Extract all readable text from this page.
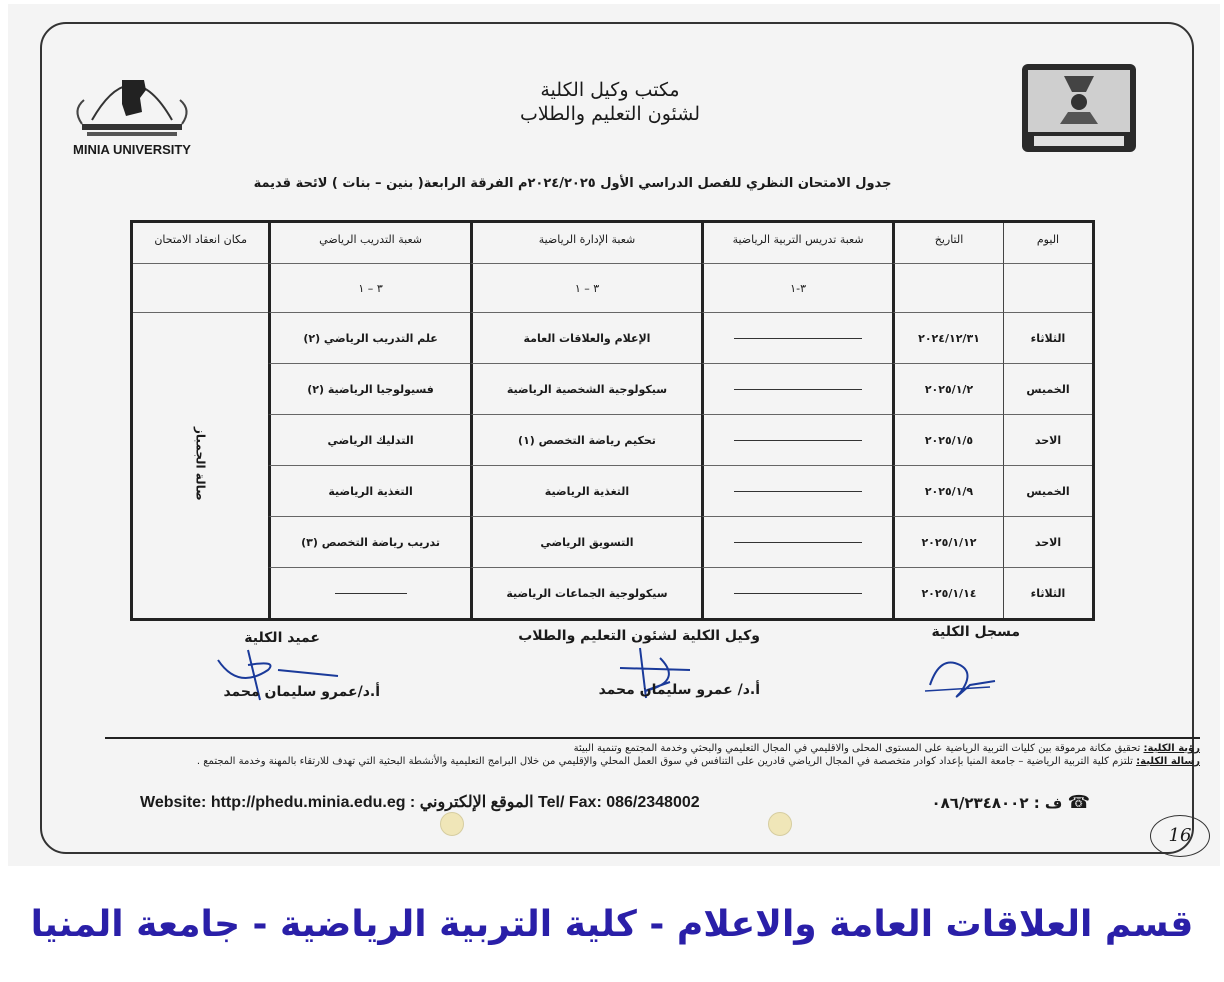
MINIA UNIVERSITY
مكتب وكيل الكلية
لشئون التعليم والطلاب
جدول الامتحان النظري للفصل الدراسي الأول ٢٠٢٤/٢٠٢٥م الفرقة الرابعة( بنين – بنات ) لائحة قديمة
اليوم	التاريخ	شعبة تدريس التربية الرياضية	شعبة الإدارة الرياضية	شعبة التدريب الرياضي	مكان انعقاد الامتحان
		٣-١	٣ – ١	٣ – ١	
الثلاثاء	٢٠٢٤/١٢/٣١		الإعلام والعلاقات العامة	علم التدريب الرياضي (٢)	صالة الجمباز
الخميس	٢٠٢٥/١/٢		سيكولوجية الشخصية الرياضية	فسيولوجيا الرياضية (٢)	
الاحد	٢٠٢٥/١/٥		تحكيم رياضة التخصص (١)	التدليك الرياضي	
الخميس	٢٠٢٥/١/٩		التغذية الرياضية	التغذية الرياضية	
الاحد	٢٠٢٥/١/١٢		التسويق الرياضي	تدريب رياضة التخصص (٣)	
الثلاثاء	٢٠٢٥/١/١٤		سيكولوجية الجماعات الرياضية		
مسجل الكلية
وكيل الكلية لشئون التعليم والطلاب
أ.د/ عمرو سليمان محمد
عميد الكلية
أ.د/عمرو سليمان محمد
رؤية الكلية: تحقيق مكانة مرموقة بين كليات التربية الرياضية على المستوى المحلى والاقليمي في المجال التعليمي والبحثي وخدمة المجتمع وتنمية البيئة
رسالة الكلية: تلتزم كلية التربية الرياضية – جامعة المنيا بإعداد كوادر متخصصة في المجال الرياضي قادرين على التنافس في سوق العمل المحلي والإقليمي من خلال البرامج التعليمية والأنشطة البحثية التي تهدف للارتقاء بالمهنة وخدمة المجتمع .
Website: http://phedu.minia.edu.eg : الموقع الإلكتروني Tel/ Fax: 086/2348002	☎ ف : ٠٨٦/٢٣٤٨٠٠٢
16
قسم العلاقات العامة والاعلام - كلية التربية الرياضية - جامعة المنيا
